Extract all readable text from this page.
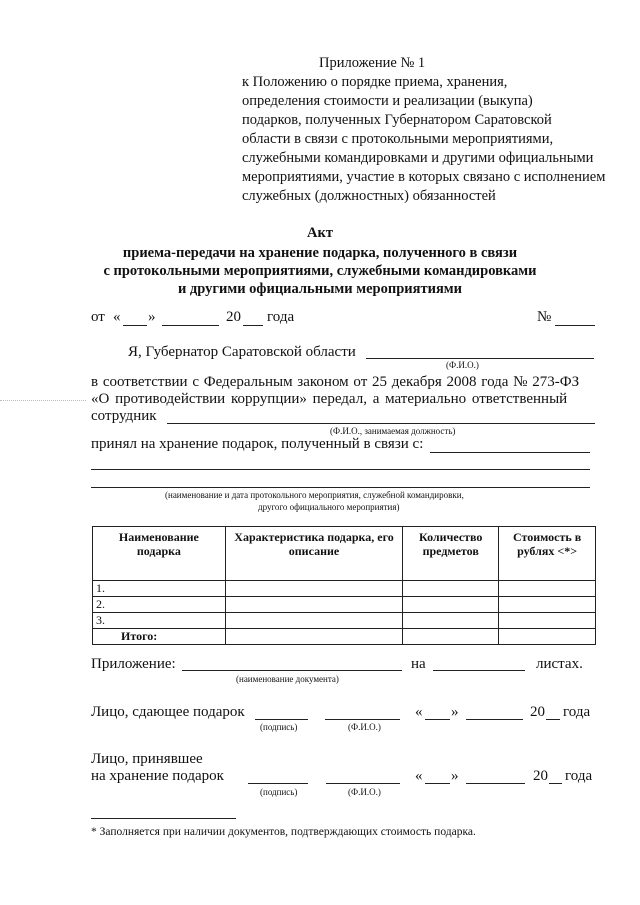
Приложение № 1
к Положению о порядке приема, хранения,
определения стоимости и реализации (выкупа)
подарков, полученных Губернатором Саратовской
области в связи с протокольными мероприятиями,
служебными командировками и другими официальными
мероприятиями, участие в которых связано с исполнением
служебных (должностных) обязанностей
Акт
приема-передачи на хранение подарка, полученного в связи
с протокольными мероприятиями, служебными командировками
и другими официальными мероприятиями
от « »	20 года	№
Я, Губернатор Саратовской области
(Ф.И.О.)
в соответствии с Федеральным законом от 25 декабря 2008 года № 273-ФЗ
«О противодействии коррупции» передал, а материально ответственный
сотрудник
(Ф.И.О., занимаемая должность)
принял на хранение подарок, полученный в связи с:
(наименование и дата протокольного мероприятия, служебной командировки,
другого официального мероприятия)
Наименование подарка	Характеристика подарка, его описание	Количество предметов	Стоимость в рублях <*>
1.			
2.			
3.			
Итого:			
Приложение:
(наименование документа)
на	листах.
Лицо, сдающее подарок
(подпись)	(Ф.И.О.)
« »	20 года
Лицо, принявшее
на хранение подарок
(подпись)	(Ф.И.О.)
« »	20 года
* Заполняется при наличии документов, подтверждающих стоимость подарка.
